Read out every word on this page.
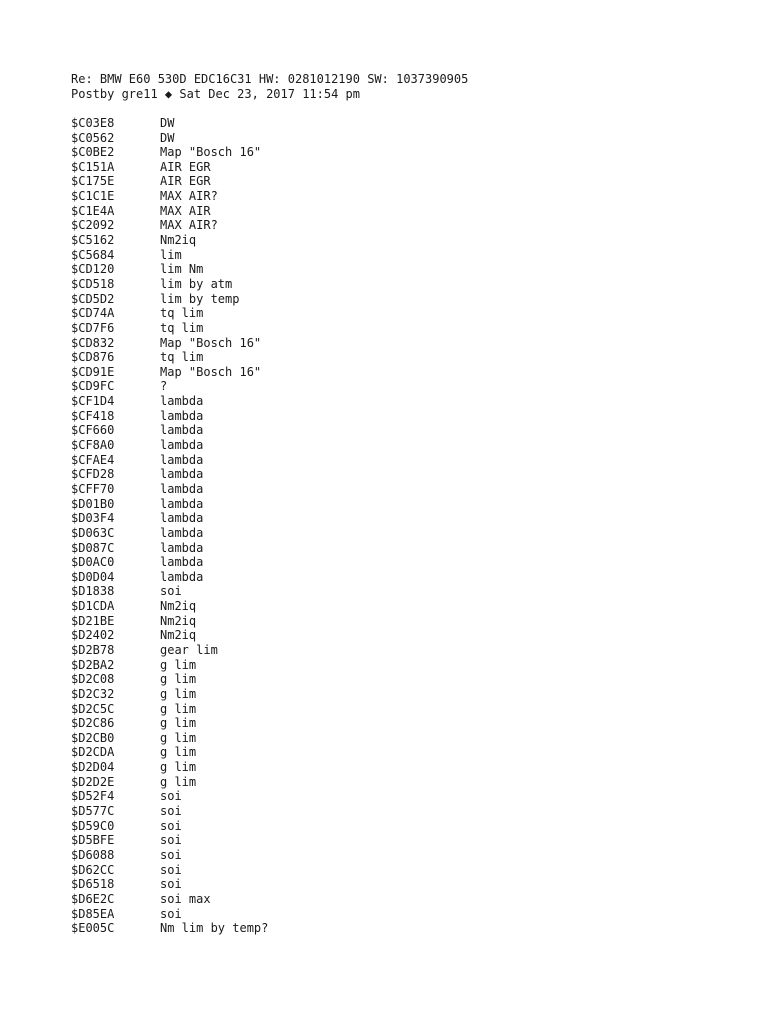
Re: BMW E60 530D EDC16C31 HW: 0281012190 SW: 1037390905
Postby gre11 ◆ Sat Dec 23, 2017 11:54 pm
$C03E8	DW
$C0562	DW
$C0BE2	Map "Bosch 16"
$C151A	AIR EGR
$C175E	AIR EGR
$C1C1E	MAX AIR?
$C1E4A	MAX AIR
$C2092	MAX AIR?
$C5162	Nm2iq
$C5684	lim
$CD120	lim Nm
$CD518	lim by atm
$CD5D2	lim by temp
$CD74A	tq lim
$CD7F6	tq lim
$CD832	Map "Bosch 16"
$CD876	tq lim
$CD91E	Map "Bosch 16"
$CD9FC	?
$CF1D4	lambda
$CF418	lambda
$CF660	lambda
$CF8A0	lambda
$CFAE4	lambda
$CFD28	lambda
$CFF70	lambda
$D01B0	lambda
$D03F4	lambda
$D063C	lambda
$D087C	lambda
$D0AC0	lambda
$D0D04	lambda
$D1838	soi
$D1CDA	Nm2iq
$D21BE	Nm2iq
$D2402	Nm2iq
$D2B78	gear lim
$D2BA2	g lim
$D2C08	g lim
$D2C32	g lim
$D2C5C	g lim
$D2C86	g lim
$D2CB0	g lim
$D2CDA	g lim
$D2D04	g lim
$D2D2E	g lim
$D52F4	soi
$D577C	soi
$D59C0	soi
$D5BFE	soi
$D6088	soi
$D62CC	soi
$D6518	soi
$D6E2C	soi max
$D85EA	soi
$E005C	Nm lim by temp?
